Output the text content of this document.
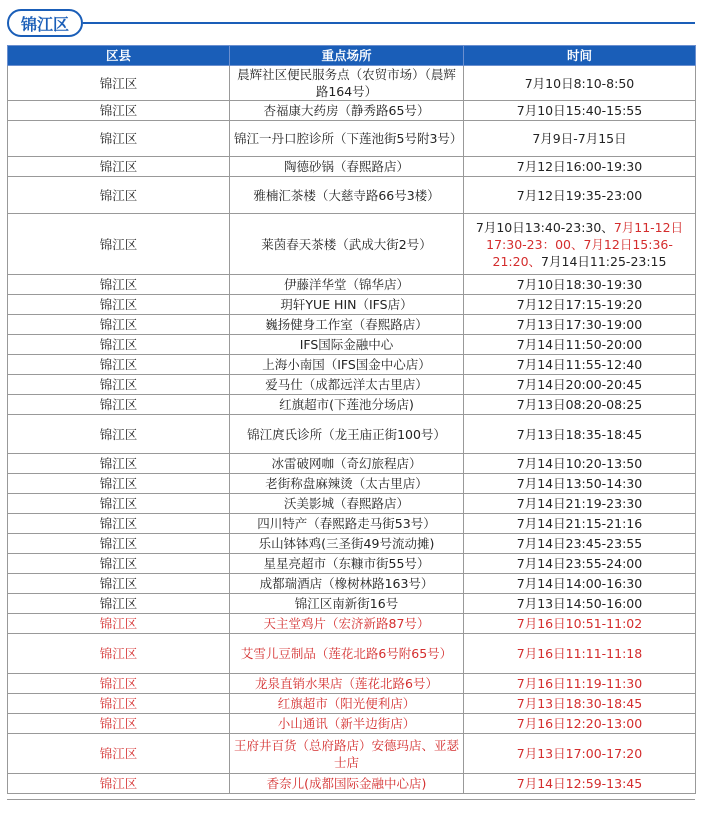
锦江区
区县	重点场所	时间
锦江区	晨辉社区便民服务点（农贸市场）（晨辉路164号）	7月10日8:10-8:50
锦江区	杏福康大药房（静秀路65号）	7月10日15:40-15:55
锦江区	锦江一丹口腔诊所（下莲池街5号附3号）	7月9日-7月15日
锦江区	陶德砂锅（春熙路店）	7月12日16:00-19:30
锦江区	雅楠汇茶楼（大慈寺路66号3楼）	7月12日19:35-23:00
锦江区	莱茵春天茶楼（武成大街2号）	7月10日13:40-23:30、7月11-12日17:30-23：00、7月12日15:36-21:20、7月14日11:25-23:15
锦江区	伊藤洋华堂（锦华店）	7月10日18:30-19:30
锦江区	玥轩YUE HIN（IFS店）	7月12日17:15-19:20
锦江区	巍扬健身工作室（春熙路店）	7月13日17:30-19:00
锦江区	IFS国际金融中心	7月14日11:50-20:00
锦江区	上海小南国（IFS国金中心店）	7月14日11:55-12:40
锦江区	爱马仕（成都远洋太古里店）	7月14日20:00-20:45
锦江区	红旗超市(下莲池分场店)	7月13日08:20-08:25
锦江区	锦江庹氏诊所（龙王庙正街100号）	7月13日18:35-18:45
锦江区	冰雷破网咖（奇幻旅程店）	7月14日10:20-13:50
锦江区	老街称盘麻辣烫（太古里店）	7月14日13:50-14:30
锦江区	沃美影城（春熙路店）	7月14日21:19-23:30
锦江区	四川特产（春熙路走马街53号）	7月14日21:15-21:16
锦江区	乐山钵钵鸡(三圣街49号流动摊)	7月14日23:45-23:55
锦江区	星星亮超市（东糠市街55号）	7月14日23:55-24:00
锦江区	成都瑞酒店（橡树林路163号）	7月14日14:00-16:30
锦江区	锦江区南新街16号	7月13日14:50-16:00
锦江区	天主堂鸡片（宏济新路87号）	7月16日10:51-11:02
锦江区	艾雪儿豆制品（莲花北路6号附65号）	7月16日11:11-11:18
锦江区	龙泉直销水果店（莲花北路6号）	7月16日11:19-11:30
锦江区	红旗超市（阳光便利店）	7月13日18:30-18:45
锦江区	小山通讯（新半边街店）	7月16日12:20-13:00
锦江区	王府井百货（总府路店）安德玛店、亚瑟士店	7月13日17:00-17:20
锦江区	香奈儿(成都国际金融中心店)	7月14日12:59-13:45
